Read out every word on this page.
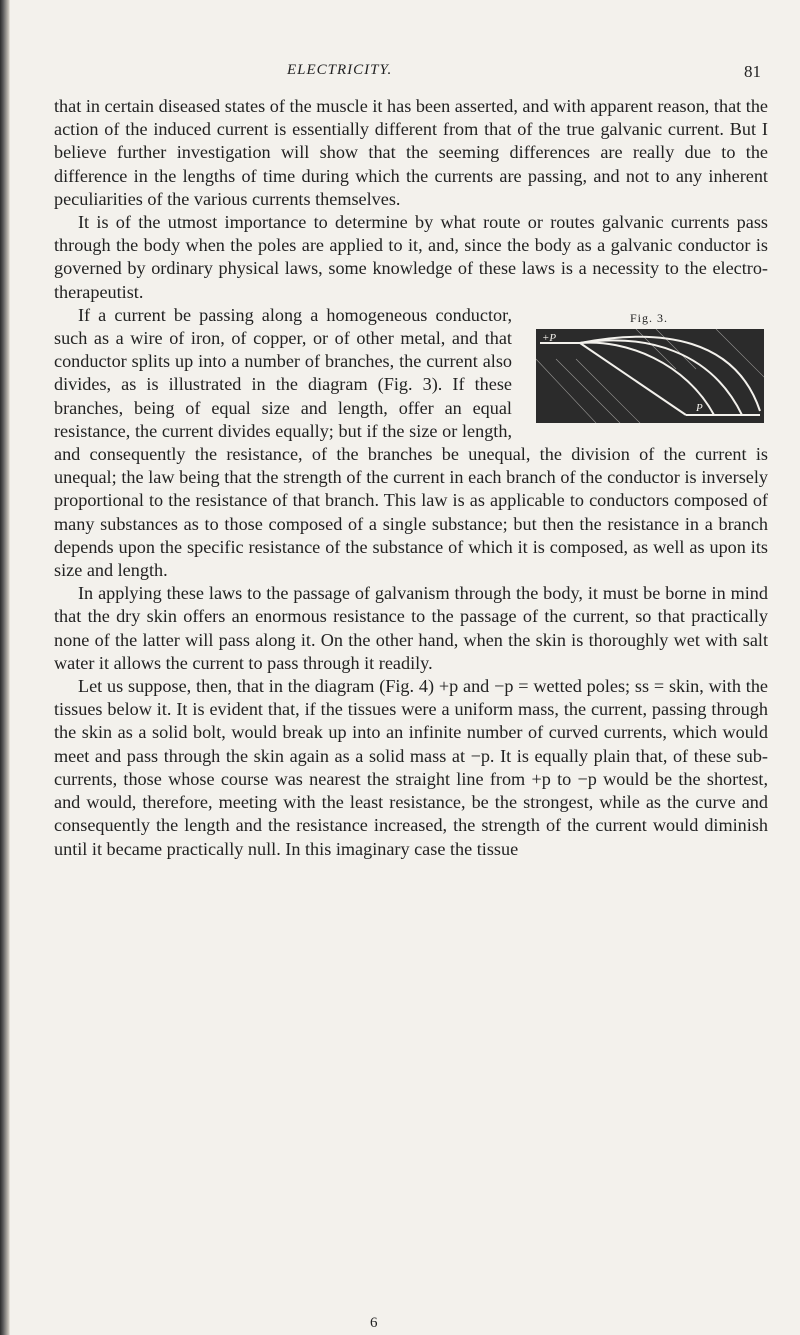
ELECTRICITY.	81

that in certain diseased states of the muscle it has been asserted, and with apparent reason, that the action of the induced current is essentially different from that of the true galvanic current. But I believe further investigation will show that the seeming differences are really due to the difference in the lengths of time during which the currents are passing, and not to any inherent peculiarities of the various currents themselves.

It is of the utmost importance to determine by what route or routes galvanic currents pass through the body when the poles are applied to it, and, since the body as a galvanic conductor is governed by ordinary physical laws, some knowledge of these laws is a necessity to the electro-therapeutist.

Fig. 3.
+P
P

If a current be passing along a homogeneous conductor, such as a wire of iron, of copper, or of other metal, and that conductor splits up into a number of branches, the current also divides, as is illustrated in the diagram (Fig. 3). If these branches, being of equal size and length, offer an equal resistance, the current divides equally; but if the size or length, and consequently the resistance, of the branches be unequal, the division of the current is unequal; the law being that the strength of the current in each branch of the conductor is inversely proportional to the resistance of that branch. This law is as applicable to conductors composed of many substances as to those composed of a single substance; but then the resistance in a branch depends upon the specific resistance of the substance of which it is composed, as well as upon its size and length.

In applying these laws to the passage of galvanism through the body, it must be borne in mind that the dry skin offers an enormous resistance to the passage of the current, so that practically none of the latter will pass along it. On the other hand, when the skin is thoroughly wet with salt water it allows the current to pass through it readily.

Let us suppose, then, that in the diagram (Fig. 4) +p and −p = wetted poles; ss = skin, with the tissues below it. It is evident that, if the tissues were a uniform mass, the current, passing through the skin as a solid bolt, would break up into an infinite number of curved currents, which would meet and pass through the skin again as a solid mass at −p. It is equally plain that, of these sub-currents, those whose course was nearest the straight line from +p to −p would be the shortest, and would, therefore, meeting with the least resistance, be the strongest, while as the curve and consequently the length and the resistance increased, the strength of the current would diminish until it became practically null. In this imaginary case the tissue

6
